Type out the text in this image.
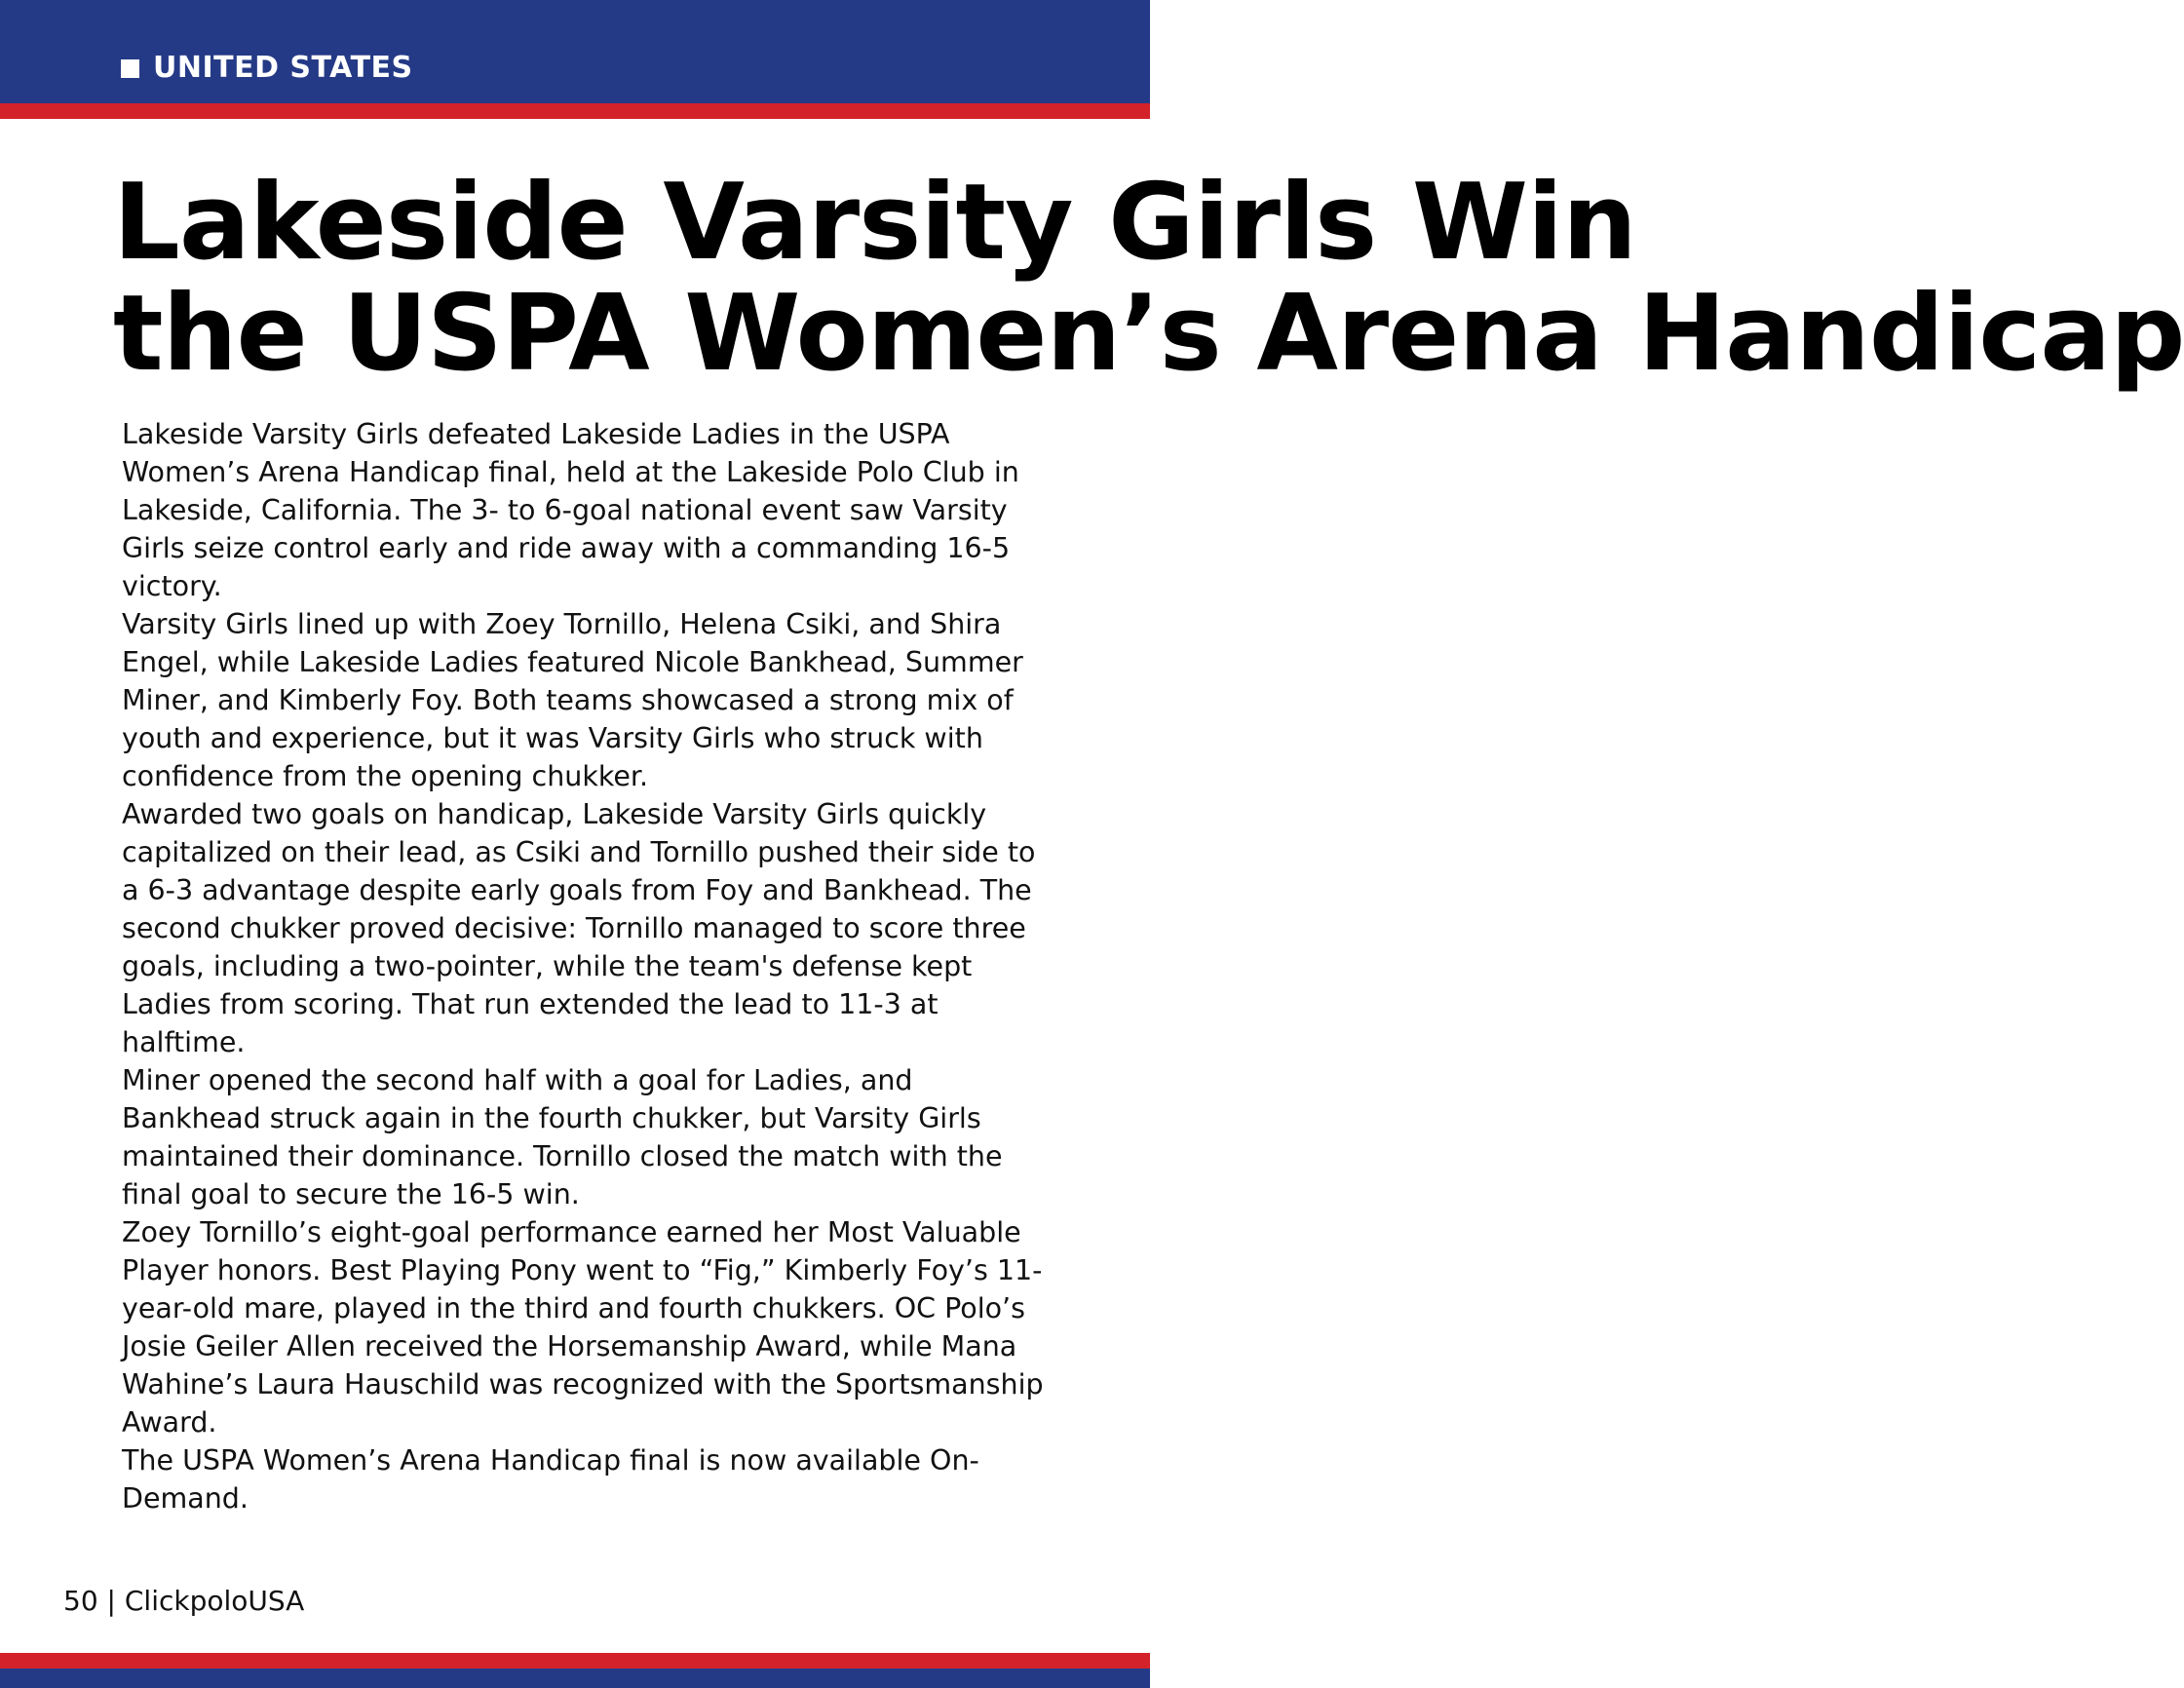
UNITED STATES
Lakeside Varsity Girls Win
the USPA Women’s Arena Handicap

Lakeside Varsity Girls defeated Lakeside Ladies in the USPA Women’s Arena Handicap final, held at the Lakeside Polo Club in Lakeside, California. The 3- to 6-goal national event saw Varsity Girls seize control early and ride away with a commanding 16-5 victory.

Varsity Girls lined up with Zoey Tornillo, Helena Csiki, and Shira Engel, while Lakeside Ladies featured Nicole Bankhead, Summer Miner, and Kimberly Foy. Both teams showcased a strong mix of youth and experience, but it was Varsity Girls who struck with confidence from the opening chukker.

Awarded two goals on handicap, Lakeside Varsity Girls quickly capitalized on their lead, as Csiki and Tornillo pushed their side to a 6-3 advantage despite early goals from Foy and Bankhead. The second chukker proved decisive: Tornillo managed to score three goals, including a two-pointer, while the team's defense kept Ladies from scoring. That run extended the lead to 11-3 at halftime.

Miner opened the second half with a goal for Ladies, and Bankhead struck again in the fourth chukker, but Varsity Girls maintained their dominance. Tornillo closed the match with the final goal to secure the 16-5 win.

Zoey Tornillo’s eight-goal performance earned her Most Valuable Player honors. Best Playing Pony went to “Fig,” Kimberly Foy’s 11-year-old mare, played in the third and fourth chukkers. OC Polo’s Josie Geiler Allen received the Horsemanship Award, while Mana Wahine’s Laura Hauschild was recognized with the Sportsmanship Award.

The USPA Women’s Arena Handicap final is now available On-Demand.

50 | ClickpoloUSA
